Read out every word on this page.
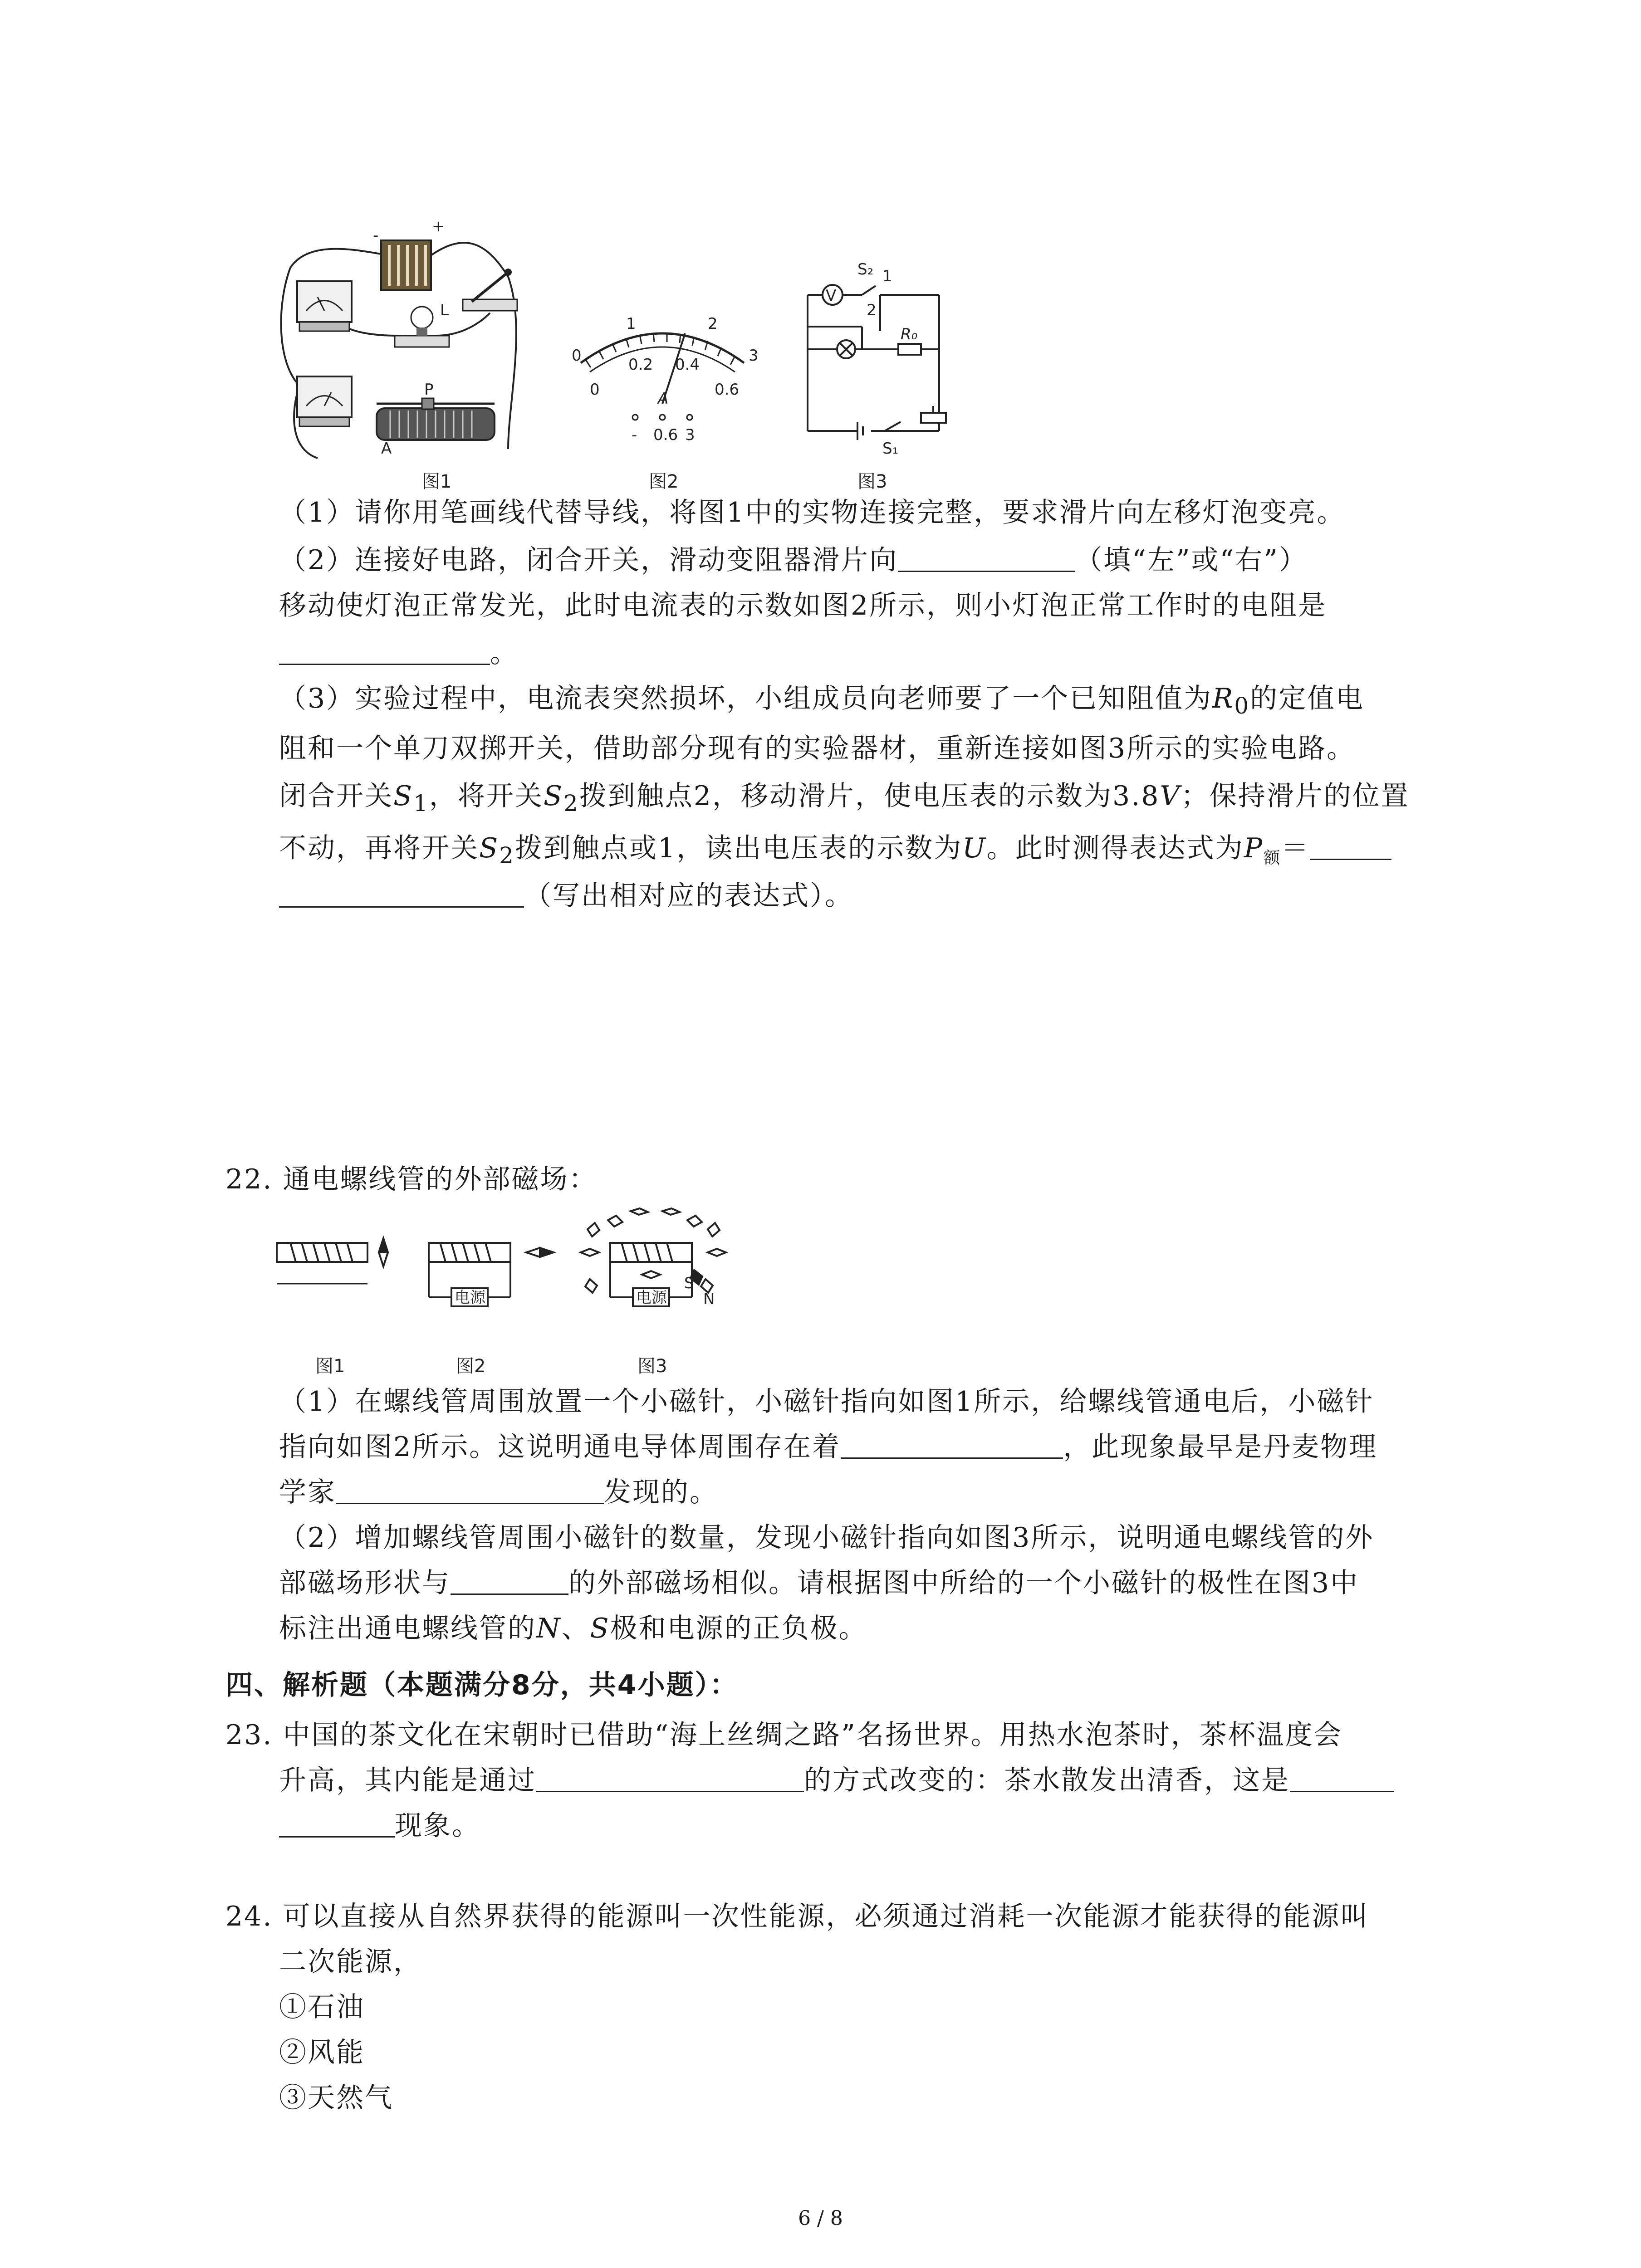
-	+
L
P
A
图1
0
1	2
3
0
0.2 0.4
0.6
A
- 0.6 3
图2
V
S₂ 1
2
R₀
S₁
图3

（1）请你用笔画线代替导线，将图1中的实物连接完整，要求滑片向左移灯泡变亮。

（2）连接好电路，闭合开关，滑动变阻器滑片向	（填“左”或“右”）

移动使灯泡正常发光，此时电流表的示数如图2所示，则小灯泡正常工作时的电阻是

。

（3）实验过程中，电流表突然损坏，小组成员向老师要了一个已知阻值为$R_0$的定值电

阻和一个单刀双掷开关，借助部分现有的实验器材，重新连接如图3所示的实验电路。

闭合开关$S_1$，将开关$S_2$拨到触点2，移动滑片，使电压表的示数为3.8V；保持滑片的位置

不动，再将开关$S_2$拨到触点或1，读出电压表的示数为U。此时测得表达式为$P_额=$

（写出相对应的表达式）。

22. 通电螺线管的外部磁场：

电源	电源
S
N
图1	图2	图3

（1）在螺线管周围放置一个小磁针，小磁针指向如图1所示，给螺线管通电后，小磁针

指向如图2所示。这说明通电导体周围存在着	，此现象最早是丹麦物理

学家	发现的。

（2）增加螺线管周围小磁针的数量，发现小磁针指向如图3所示，说明通电螺线管的外

部磁场形状与	的外部磁场相似。请根据图中所给的一个小磁针的极性在图3中

标注出通电螺线管的N、S极和电源的正负极。

四、解析题（本题满分8分，共4小题）：

23. 中国的茶文化在宋朝时已借助“海上丝绸之路”名扬世界。用热水泡茶时，茶杯温度会

升高，其内能是通过	的方式改变的：茶水散发出清香，这是

现象。

24. 可以直接从自然界获得的能源叫一次性能源，必须通过消耗一次能源才能获得的能源叫

二次能源，

①石油

②风能

③天然气

6 / 8
